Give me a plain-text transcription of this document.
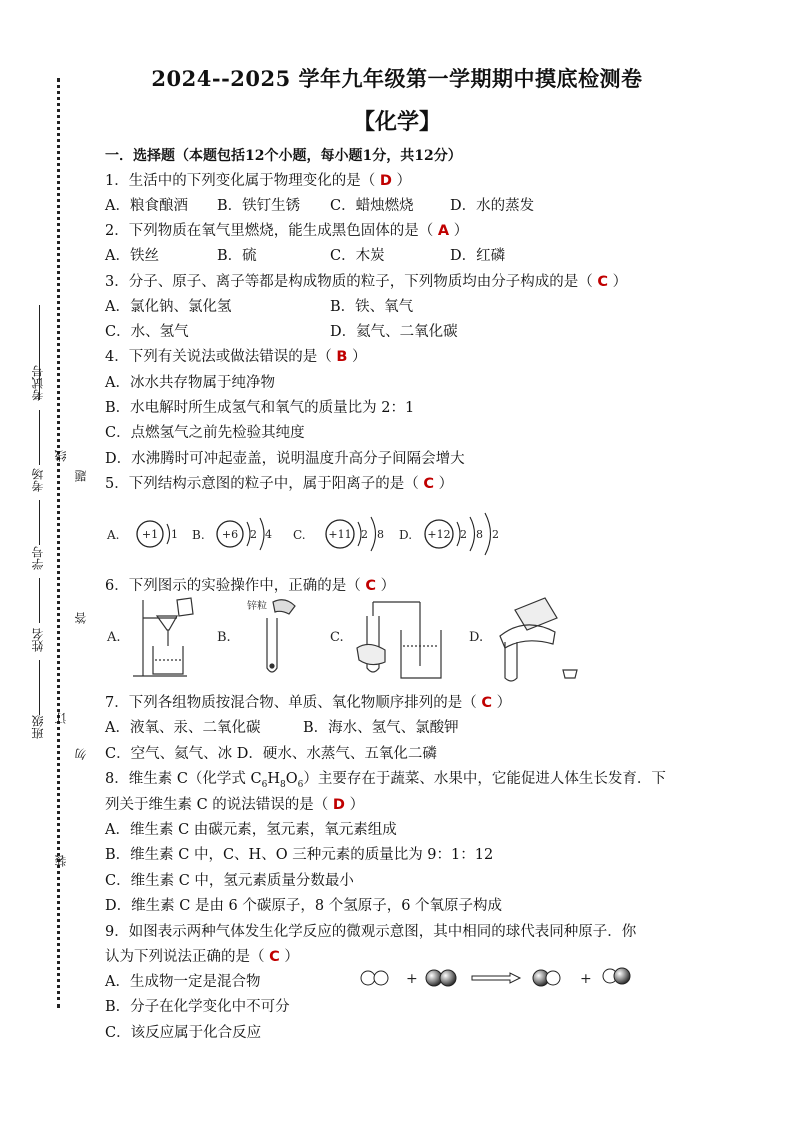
考试号
考场
学号
姓名
班级
线
题
答
订
勿
装
2024--2025 学年九年级第一学期期中摸底检测卷
【化学】
一．选择题（本题包括12个小题，每小题1分，共12分）
1．生活中的下列变化属于物理变化的是（ D ）
A．粮食酿酒 B．铁钉生锈 C．蜡烛燃烧	D．水的蒸发
2．下列物质在氧气里燃烧，能生成黑色固体的是（ A ）
A．铁丝	B．硫	C．木炭	D．红磷
3．分子、原子、离子等都是构成物质的粒子，下列物质均由分子构成的是（ C ）
A．氯化钠、氯化氢	B．铁、氧气
C．水、氢气	D．氦气、二氧化碳
4．下列有关说法或做法错误的是（ B ）
A．冰水共存物属于纯净物
B．水电解时所生成氢气和氧气的质量比为 2：1
C．点燃氢气之前先检验其纯度
D．水沸腾时可冲起壶盖，说明温度升高分子间隔会增大
5．下列结构示意图的粒子中，属于阳离子的是（ C ）
A. +1 1 B. +6 2 4 C. +11 2 8 D. +12 2 8 2
6．下列图示的实验操作中，正确的是（ C ）
A.	B.
锌粒
C.	D.
7．下列各组物质按混合物、单质、氧化物顺序排列的是（ C ）
A．液氧、汞、二氧化碳	B．海水、氢气、氯酸钾
C．空气、氦气、冰 D．硬水、水蒸气、五氧化二磷
8．维生素 C（化学式 $C_6H_8O_6$）主要存在于蔬菜、水果中，它能促进人体生长发育．下
列关于维生素 C 的说法错误的是（ D ）
A．维生素 C 由碳元素，氢元素，氧元素组成
B．维生素 C 中，C、H、O 三种元素的质量比为 9：1：12
C．维生素 C 中，氢元素质量分数最小
D．维生素 C 是由 6 个碳原子，8 个氢原子，6 个氧原子构成
9．如图表示两种气体发生化学反应的微观示意图，其中相同的球代表同种原子．你
认为下列说法正确的是（ C ）
A．生成物一定是混合物
B．分子在化学变化中不可分
C．该反应属于化合反应
+	+
